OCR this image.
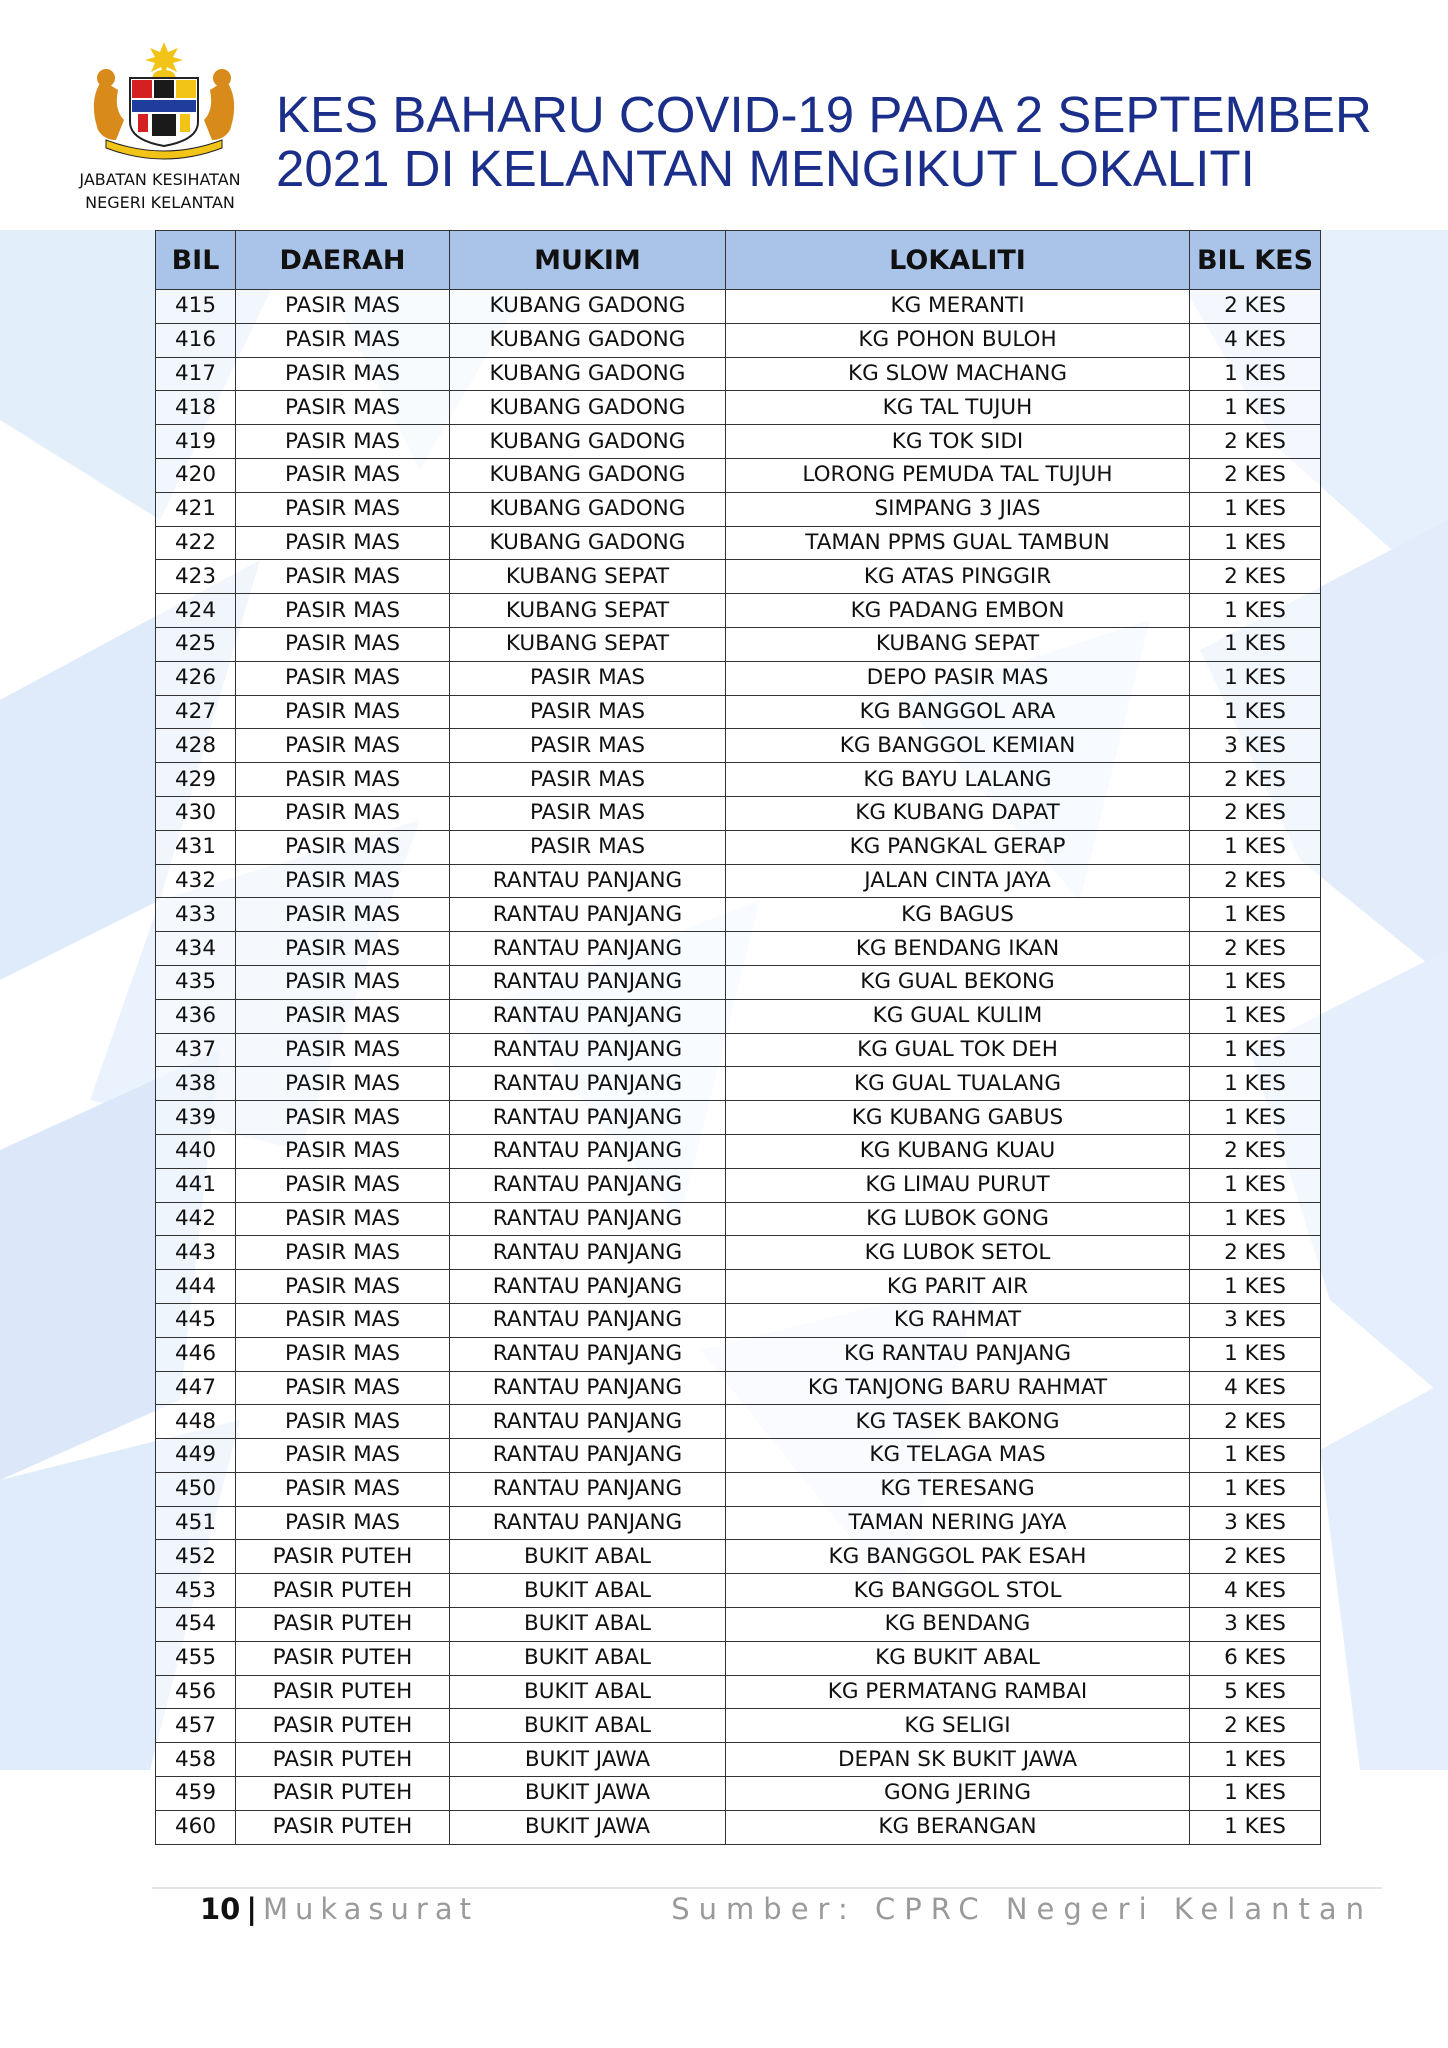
JABATAN KESIHATAN
NEGERI KELANTAN
KES BAHARU COVID-19 PADA 2 SEPTEMBER
2021 DI KELANTAN MENGIKUT LOKALITI
BIL	DAERAH	MUKIM	LOKALITI	BIL KES
415	PASIR MAS	KUBANG GADONG	KG MERANTI	2 KES
416	PASIR MAS	KUBANG GADONG	KG POHON BULOH	4 KES
417	PASIR MAS	KUBANG GADONG	KG SLOW MACHANG	1 KES
418	PASIR MAS	KUBANG GADONG	KG TAL TUJUH	1 KES
419	PASIR MAS	KUBANG GADONG	KG TOK SIDI	2 KES
420	PASIR MAS	KUBANG GADONG	LORONG PEMUDA TAL TUJUH	2 KES
421	PASIR MAS	KUBANG GADONG	SIMPANG 3 JIAS	1 KES
422	PASIR MAS	KUBANG GADONG	TAMAN PPMS GUAL TAMBUN	1 KES
423	PASIR MAS	KUBANG SEPAT	KG ATAS PINGGIR	2 KES
424	PASIR MAS	KUBANG SEPAT	KG PADANG EMBON	1 KES
425	PASIR MAS	KUBANG SEPAT	KUBANG SEPAT	1 KES
426	PASIR MAS	PASIR MAS	DEPO PASIR MAS	1 KES
427	PASIR MAS	PASIR MAS	KG BANGGOL ARA	1 KES
428	PASIR MAS	PASIR MAS	KG BANGGOL KEMIAN	3 KES
429	PASIR MAS	PASIR MAS	KG BAYU LALANG	2 KES
430	PASIR MAS	PASIR MAS	KG KUBANG DAPAT	2 KES
431	PASIR MAS	PASIR MAS	KG PANGKAL GERAP	1 KES
432	PASIR MAS	RANTAU PANJANG	JALAN CINTA JAYA	2 KES
433	PASIR MAS	RANTAU PANJANG	KG BAGUS	1 KES
434	PASIR MAS	RANTAU PANJANG	KG BENDANG IKAN	2 KES
435	PASIR MAS	RANTAU PANJANG	KG GUAL BEKONG	1 KES
436	PASIR MAS	RANTAU PANJANG	KG GUAL KULIM	1 KES
437	PASIR MAS	RANTAU PANJANG	KG GUAL TOK DEH	1 KES
438	PASIR MAS	RANTAU PANJANG	KG GUAL TUALANG	1 KES
439	PASIR MAS	RANTAU PANJANG	KG KUBANG GABUS	1 KES
440	PASIR MAS	RANTAU PANJANG	KG KUBANG KUAU	2 KES
441	PASIR MAS	RANTAU PANJANG	KG LIMAU PURUT	1 KES
442	PASIR MAS	RANTAU PANJANG	KG LUBOK GONG	1 KES
443	PASIR MAS	RANTAU PANJANG	KG LUBOK SETOL	2 KES
444	PASIR MAS	RANTAU PANJANG	KG PARIT AIR	1 KES
445	PASIR MAS	RANTAU PANJANG	KG RAHMAT	3 KES
446	PASIR MAS	RANTAU PANJANG	KG RANTAU PANJANG	1 KES
447	PASIR MAS	RANTAU PANJANG	KG TANJONG BARU RAHMAT	4 KES
448	PASIR MAS	RANTAU PANJANG	KG TASEK BAKONG	2 KES
449	PASIR MAS	RANTAU PANJANG	KG TELAGA MAS	1 KES
450	PASIR MAS	RANTAU PANJANG	KG TERESANG	1 KES
451	PASIR MAS	RANTAU PANJANG	TAMAN NERING JAYA	3 KES
452	PASIR PUTEH	BUKIT ABAL	KG BANGGOL PAK ESAH	2 KES
453	PASIR PUTEH	BUKIT ABAL	KG BANGGOL STOL	4 KES
454	PASIR PUTEH	BUKIT ABAL	KG BENDANG	3 KES
455	PASIR PUTEH	BUKIT ABAL	KG BUKIT ABAL	6 KES
456	PASIR PUTEH	BUKIT ABAL	KG PERMATANG RAMBAI	5 KES
457	PASIR PUTEH	BUKIT ABAL	KG SELIGI	2 KES
458	PASIR PUTEH	BUKIT JAWA	DEPAN SK BUKIT JAWA	1 KES
459	PASIR PUTEH	BUKIT JAWA	GONG JERING	1 KES
460	PASIR PUTEH	BUKIT JAWA	KG BERANGAN	1 KES
10 | Mukasurat	Sumber: CPRC Negeri Kelantan
